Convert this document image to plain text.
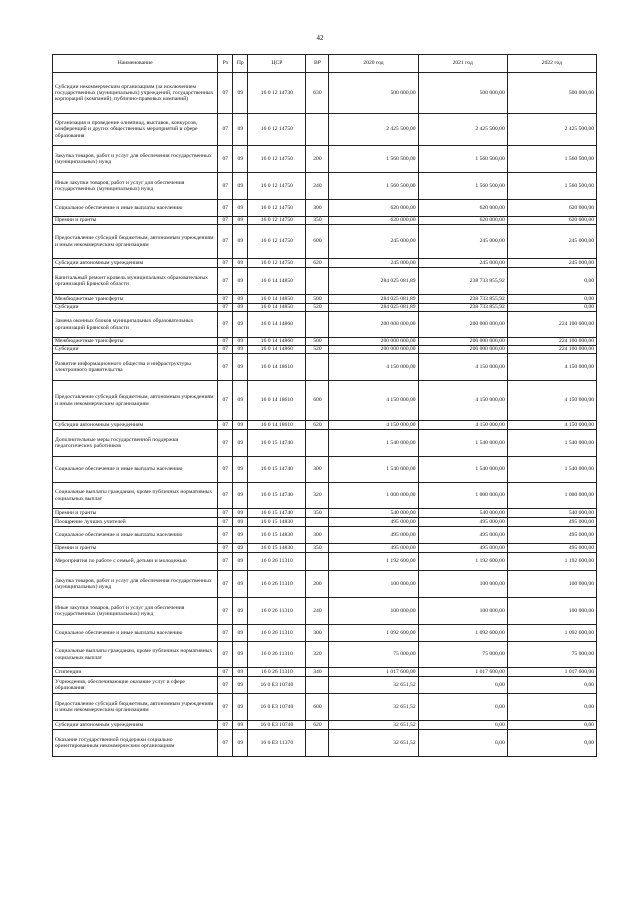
42
Наименование	Рз	Пр	ЦСР	ВР	2020 год	2021 год	2022 год
Субсидии некоммерческим организациям (за исключением государственных (муниципальных) учреждений, государственных корпораций (компаний), публично-правовых компаний)	07	09	16 0 12 14730	630	500 000,00	500 000,00	500 000,00
Организация и проведение олимпиад, выставок, конкурсов, конференций и других общественных мероприятий в сфере образования	07	09	16 0 12 14750		2 425 500,00	2 425 500,00	2 425 500,00
Закупка товаров, работ и услуг для обеспечения государственных (муниципальных) нужд	07	09	16 0 12 14750	200	1 560 500,00	1 560 500,00	1 560 500,00
Иные закупки товаров, работ и услуг для обеспечения государственных (муниципальных) нужд	07	09	16 0 12 14750	240	1 560 500,00	1 560 500,00	1 560 500,00
Социальное обеспечение и иные выплаты населению	07	09	16 0 12 14750	300	620 000,00	620 000,00	620 000,00
Премии и гранты	07	09	16 0 12 14750	350	620 000,00	620 000,00	620 000,00
Предоставление субсидий бюджетным, автономным учреждениям и иным некоммерческим организациям	07	09	16 0 12 14750	600	245 000,00	245 000,00	245 000,00
Субсидии автономным учреждениям	07	09	16 0 12 14750	620	245 000,00	245 000,00	245 000,00
Капитальный ремонт кровель муниципальных образовательных организаций Брянской области	07	09	16 0 14 14850		284 025 081,89	238 733 855,92	0,00
Межбюджетные трансферты	07	09	16 0 14 14850	500	284 025 081,89	238 733 855,92	0,00
Субсидии	07	09	16 0 14 14850	520	284 025 081,89	238 733 855,92	0,00
Замена оконных блоков муниципальных образовательных организаций Брянской области	07	09	16 0 14 14860		200 000 000,00	200 000 000,00	224 100 000,00
Межбюджетные трансферты	07	09	16 0 14 14860	500	200 000 000,00	200 000 000,00	224 100 000,00
Субсидии	07	09	16 0 14 14860	520	200 000 000,00	200 000 000,00	224 100 000,00
Развитие информационного общества и инфраструктуры электронного правительства	07	09	16 0 14 18610		4 150 000,00	4 150 000,00	4 150 000,00
Предоставление субсидий бюджетным, автономным учреждениям и иным некоммерческим организациям	07	09	16 0 14 18610	600	4 150 000,00	4 150 000,00	4 150 000,00
Субсидии автономным учреждениям	07	09	16 0 14 18610	620	4 150 000,00	4 150 000,00	4 150 000,00
Дополнительные меры государственной поддержки педагогических работников	07	09	16 0 15 14740		1 540 000,00	1 540 000,00	1 540 000,00
Социальное обеспечение и иные выплаты населению	07	09	16 0 15 14740	300	1 540 000,00	1 540 000,00	1 540 000,00
Социальные выплаты гражданам, кроме публичных нормативных социальных выплат	07	09	16 0 15 14740	320	1 000 000,00	1 000 000,00	1 000 000,00
Премии и гранты	07	09	16 0 15 14740	350	540 000,00	540 000,00	540 000,00
Поощрение лучших учителей	07	09	16 0 15 14830		495 000,00	495 000,00	495 000,00
Социальное обеспечение и иные выплаты населению	07	09	16 0 15 14830	300	495 000,00	495 000,00	495 000,00
Премии и гранты	07	09	16 0 15 14830	350	495 000,00	495 000,00	495 000,00
Мероприятия по работе с семьей, детьми и молодежью	07	09	16 0 26 11310		1 192 600,00	1 192 600,00	1 192 600,00
Закупка товаров, работ и услуг для обеспечения государственных (муниципальных) нужд	07	09	16 0 26 11310	200	100 000,00	100 000,00	100 000,00
Иные закупки товаров, работ и услуг для обеспечения государственных (муниципальных) нужд	07	09	16 0 26 11310	240	100 000,00	100 000,00	100 000,00
Социальное обеспечение и иные выплаты населению	07	09	16 0 26 11310	300	1 092 600,00	1 092 600,00	1 092 600,00
Социальные выплаты гражданам, кроме публичных нормативных социальных выплат	07	09	16 0 26 11310	320	75 000,00	75 000,00	75 000,00
Стипендии	07	09	16 0 26 11310	340	1 017 600,00	1 017 600,00	1 017 600,00
Учреждения, обеспечивающие оказание услуг в сфере образования	07	09	16 0 Е3 10740		32 651,52	0,00	0,00
Предоставление субсидий бюджетным, автономным учреждениям и иным некоммерческим организациям	07	09	16 0 Е3 10740	600	32 651,52	0,00	0,00
Субсидии автономным учреждениям	07	09	16 0 Е3 10740	620	32 651,52	0,00	0,00
Оказание государственной поддержки социально ориентированным некоммерческим организациям	07	09	16 0 Е3 11370		32 651,52	0,00	0,00
